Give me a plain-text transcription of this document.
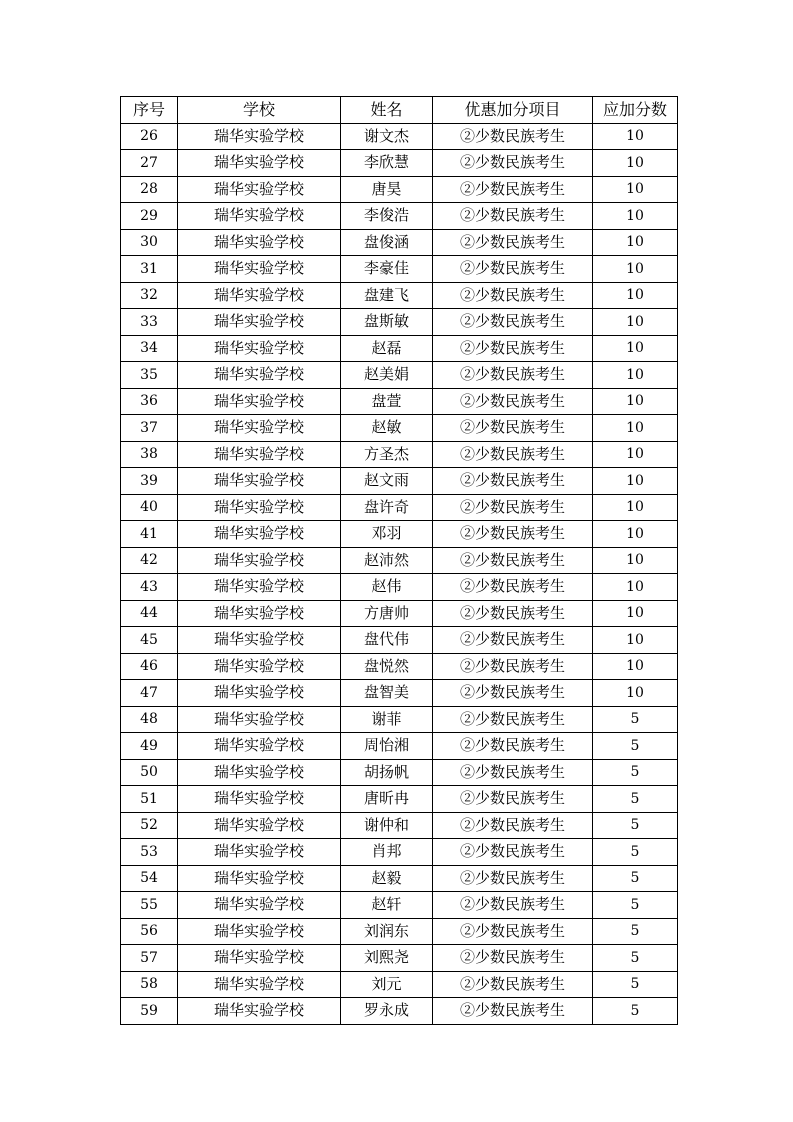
序号	学校	姓名	优惠加分项目	应加分数
26	瑞华实验学校	谢文杰	②少数民族考生	10
27	瑞华实验学校	李欣慧	②少数民族考生	10
28	瑞华实验学校	唐昊	②少数民族考生	10
29	瑞华实验学校	李俊浩	②少数民族考生	10
30	瑞华实验学校	盘俊涵	②少数民族考生	10
31	瑞华实验学校	李豪佳	②少数民族考生	10
32	瑞华实验学校	盘建飞	②少数民族考生	10
33	瑞华实验学校	盘斯敏	②少数民族考生	10
34	瑞华实验学校	赵磊	②少数民族考生	10
35	瑞华实验学校	赵美娟	②少数民族考生	10
36	瑞华实验学校	盘萱	②少数民族考生	10
37	瑞华实验学校	赵敏	②少数民族考生	10
38	瑞华实验学校	方圣杰	②少数民族考生	10
39	瑞华实验学校	赵文雨	②少数民族考生	10
40	瑞华实验学校	盘许奇	②少数民族考生	10
41	瑞华实验学校	邓羽	②少数民族考生	10
42	瑞华实验学校	赵沛然	②少数民族考生	10
43	瑞华实验学校	赵伟	②少数民族考生	10
44	瑞华实验学校	方唐帅	②少数民族考生	10
45	瑞华实验学校	盘代伟	②少数民族考生	10
46	瑞华实验学校	盘悦然	②少数民族考生	10
47	瑞华实验学校	盘智美	②少数民族考生	10
48	瑞华实验学校	谢菲	②少数民族考生	5
49	瑞华实验学校	周怡湘	②少数民族考生	5
50	瑞华实验学校	胡扬帆	②少数民族考生	5
51	瑞华实验学校	唐昕冉	②少数民族考生	5
52	瑞华实验学校	谢仲和	②少数民族考生	5
53	瑞华实验学校	肖邦	②少数民族考生	5
54	瑞华实验学校	赵毅	②少数民族考生	5
55	瑞华实验学校	赵轩	②少数民族考生	5
56	瑞华实验学校	刘润东	②少数民族考生	5
57	瑞华实验学校	刘熙尧	②少数民族考生	5
58	瑞华实验学校	刘元	②少数民族考生	5
59	瑞华实验学校	罗永成	②少数民族考生	5
